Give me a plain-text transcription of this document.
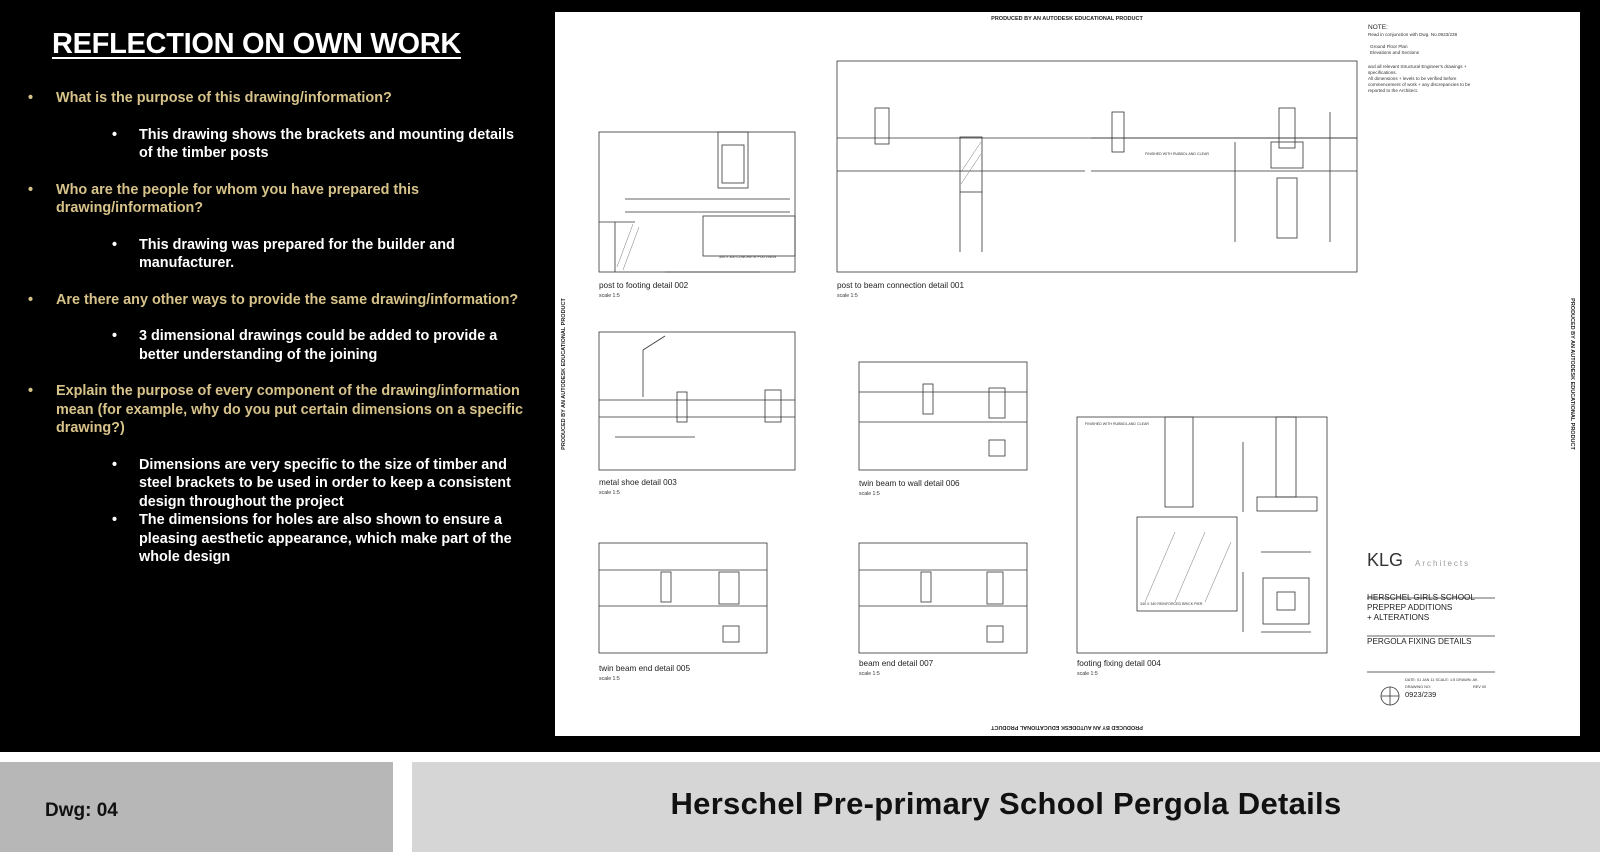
REFLECTION ON OWN WORK

• What is the purpose of this drawing/information?

• This drawing shows the brackets and mounting details of the timber posts

• Who are the people for whom you have prepared this drawing/information?

• This drawing was prepared for the builder and manufacturer.

• Are there any other ways to provide the same drawing/information?

• 3 dimensional drawings could be added to provide a better understanding of the joining

• Explain the purpose of every component of the drawing/information mean (for example, why do you put certain dimensions on a specific drawing?)

• Dimensions are very specific to the size of timber and steel brackets to be used in order to keep a consistent design throughout the project

• The dimensions for holes are also shown to ensure a pleasing aesthetic appearance, which make part of the whole design

PRODUCED BY AN AUTODESK EDUCATIONAL PRODUCT
PRODUCED BY AN AUTODESK EDUCATIONAL PRODUCT
PRODUCED BY AN AUTODESK EDUCATIONAL PRODUCT	PRODUCED BY AN AUTODESK EDUCATIONAL PRODUCT
NOTE:
Read in conjunction with Dwg. No.0923/238
Ground Floor Plan
Elevations and Sections
and all relevant Structural Engineer's drawings +
specifications.
All dimensions + levels to be verified before
commencement of work + any discrepancies to be
reported to the Architect.
post to footing detail 002
scale 1:5
post to beam connection detail 001
scale 1:5
metal shoe detail 003
scale 1:5
twin beam to wall detail 006
scale 1:5
twin beam end detail 005
scale 1:5
beam end detail 007
scale 1:5
footing fixing detail 004
scale 1:5
300 X 300 CONCRETE FOOTINGS
340 X 340 REINFORCED BRICK PIER
FINISHED WITH RUBBOL AND CLEAR
FINISHED WITH RUBBOL AND CLEAR
KLG Architects
HERSCHEL GIRLS SCHOOL
PREPREP ADDITIONS
+ ALTERATIONS
PERGOLA FIXING DETAILS
DATE: 01 JAN 11 SCALE: 1:5 DRAWN: AK
DRAWING NO:
0923/239
REV 00
Dwg: 04	Herschel Pre-primary School Pergola Details
